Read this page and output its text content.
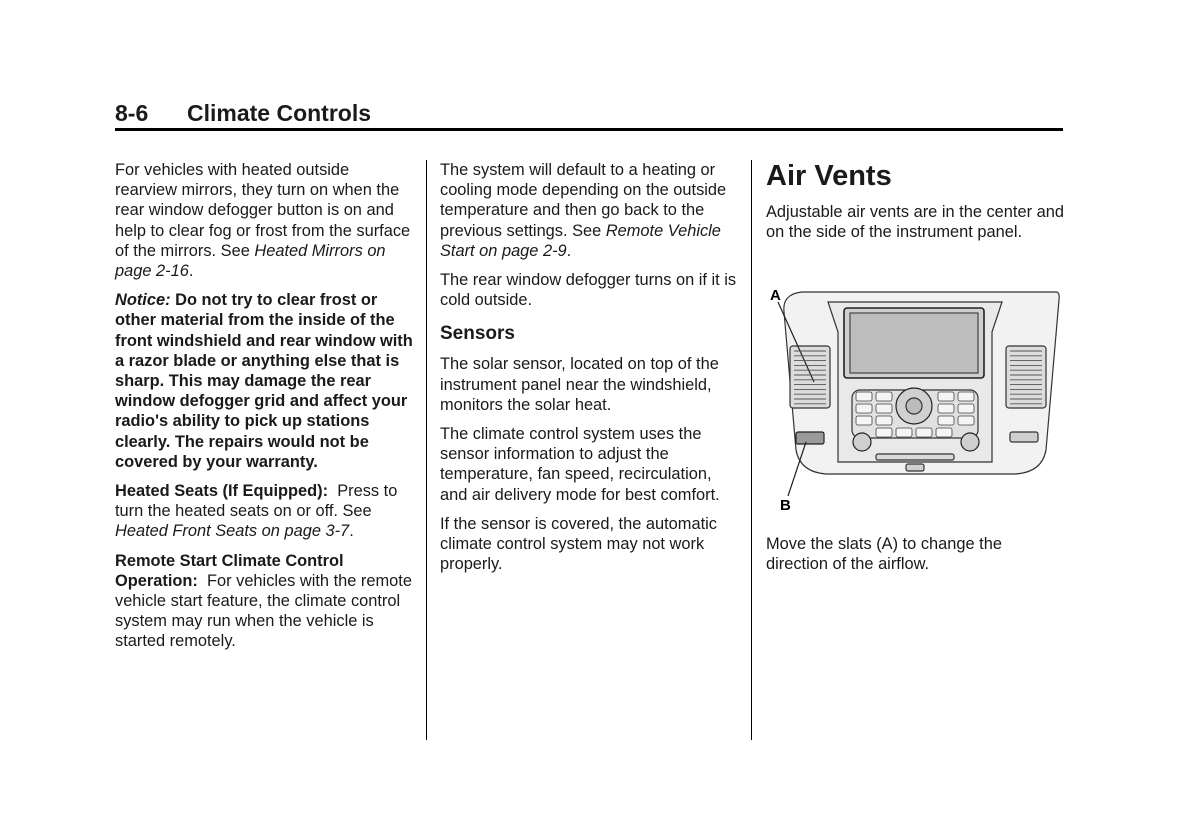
8-6 Climate Controls

For vehicles with heated outside rearview mirrors, they turn on when the rear window defogger button is on and help to clear fog or frost from the surface of the mirrors. See Heated Mirrors on page 2-16.

Notice: Do not try to clear frost or other material from the inside of the front windshield and rear window with a razor blade or anything else that is sharp. This may damage the rear window defogger grid and affect your radio's ability to pick up stations clearly. The repairs would not be covered by your warranty.

Heated Seats (If Equipped):  Press to turn the heated seats on or off. See Heated Front Seats on page 3-7.

Remote Start Climate Control Operation:  For vehicles with the remote vehicle start feature, the climate control system may run when the vehicle is started remotely.

The system will default to a heating or cooling mode depending on the outside temperature and then go back to the previous settings. See Remote Vehicle Start on page 2-9.

The rear window defogger turns on if it is cold outside.

Sensors

The solar sensor, located on top of the instrument panel near the windshield, monitors the solar heat.

The climate control system uses the sensor information to adjust the temperature, fan speed, recirculation, and air delivery mode for best comfort.

If the sensor is covered, the automatic climate control system may not work properly.

Air Vents

Adjustable air vents are in the center and on the side of the instrument panel.

A
B
Move the slats (A) to change the direction of the airflow.
